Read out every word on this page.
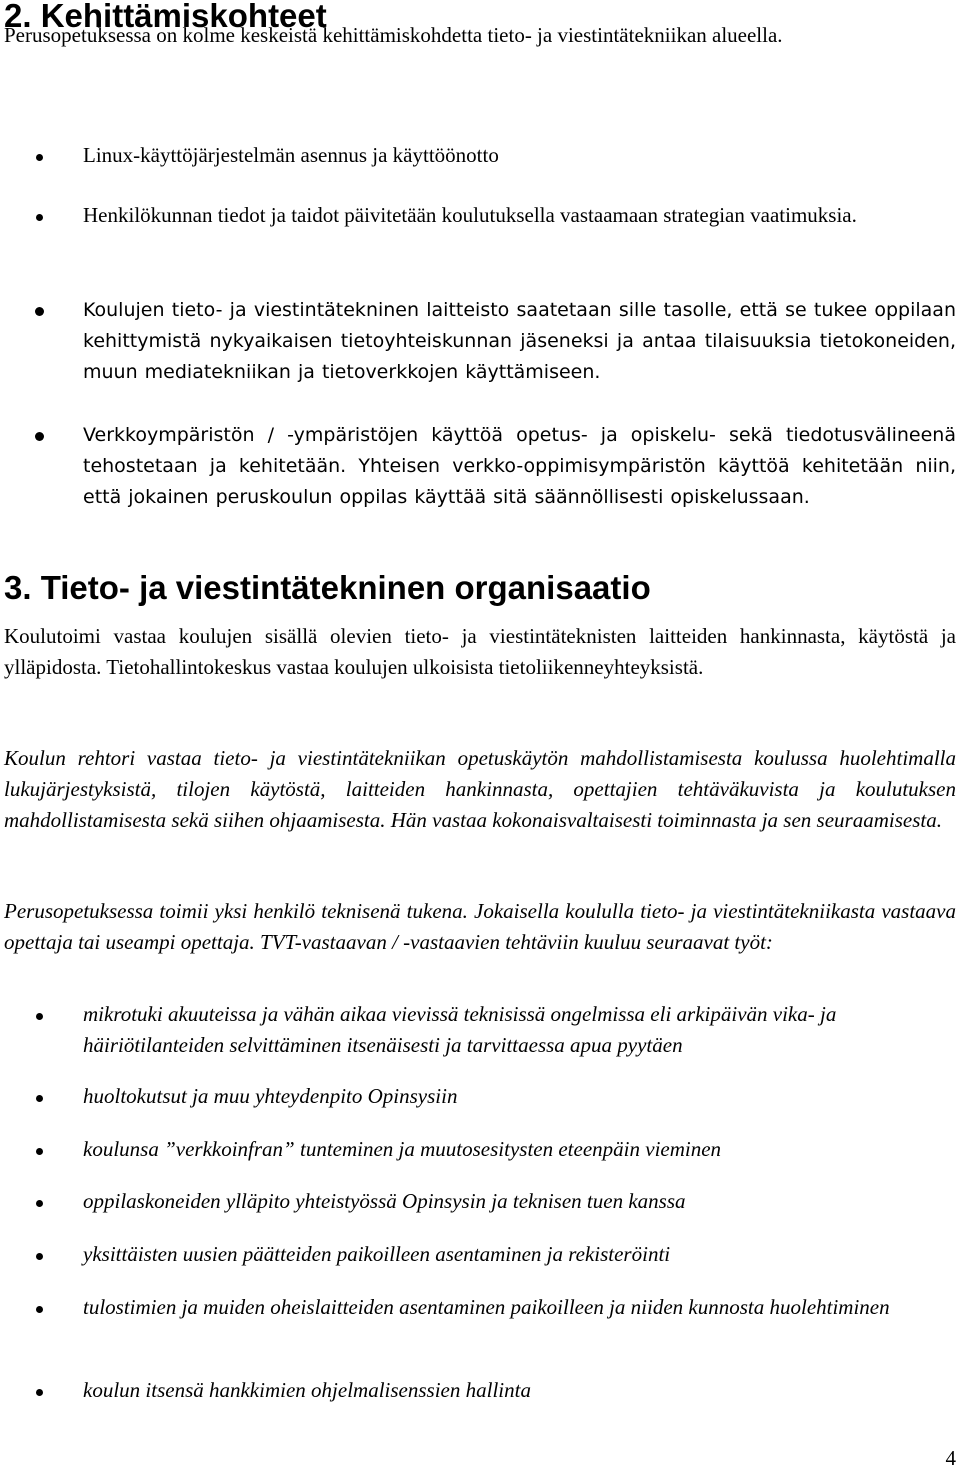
2. Kehittämiskohteet

Perusopetuksessa on kolme keskeistä kehittämiskohdetta tieto- ja viestintätekniikan alueella.

Linux-käyttöjärjestelmän asennus ja käyttöönotto
Henkilökunnan tiedot ja taidot päivitetään koulutuksella vastaamaan strategian vaatimuksia.
Koulujen tieto- ja viestintätekninen laitteisto saatetaan sille tasolle, että se tukee oppilaan kehittymistä nykyaikaisen tietoyhteiskunnan jäseneksi ja antaa tilaisuuksia tietokoneiden, muun mediatekniikan ja tietoverkkojen käyttämiseen.
Verkkoympäristön / -ympäristöjen käyttöä opetus- ja opiskelu- sekä tiedotusvälineenä tehostetaan ja kehitetään. Yhteisen verkko-oppimisympäristön käyttöä kehitetään niin, että jokainen peruskoulun oppilas käyttää sitä säännöllisesti opiskelussaan.
3. Tieto- ja viestintätekninen organisaatio

Koulutoimi vastaa koulujen sisällä olevien tieto- ja viestintäteknisten laitteiden hankinnasta, käytöstä ja ylläpidosta. Tietohallintokeskus vastaa koulujen ulkoisista tietoliikenneyhteyksistä.

Koulun rehtori vastaa tieto- ja viestintätekniikan opetuskäytön mahdollistamisesta koulussa huolehtimalla lukujärjestyksistä, tilojen käytöstä, laitteiden hankinnasta, opettajien tehtäväkuvista ja koulutuksen mahdollistamisesta sekä siihen ohjaamisesta. Hän vastaa kokonaisvaltaisesti toiminnasta ja sen seuraamisesta.

Perusopetuksessa toimii yksi henkilö teknisenä tukena. Jokaisella koululla tieto- ja viestintätekniikasta vastaava opettaja tai useampi opettaja. TVT-vastaavan / -vastaavien tehtäviin kuuluu seuraavat työt:

mikrotuki akuuteissa ja vähän aikaa vievissä teknisissä ongelmissa eli arkipäivän vika- ja häiriötilanteiden selvittäminen itsenäisesti ja tarvittaessa apua pyytäen
huoltokutsut ja muu yhteydenpito Opinsysiin
koulunsa ”verkkoinfran” tunteminen ja muutosesitysten eteenpäin vieminen
oppilaskoneiden ylläpito yhteistyössä Opinsysin ja teknisen tuen kanssa
yksittäisten uusien päätteiden paikoilleen asentaminen ja rekisteröinti
tulostimien ja muiden oheislaitteiden asentaminen paikoilleen ja niiden kunnosta huolehtiminen
koulun itsensä hankkimien ohjelmalisenssien hallinta
4
